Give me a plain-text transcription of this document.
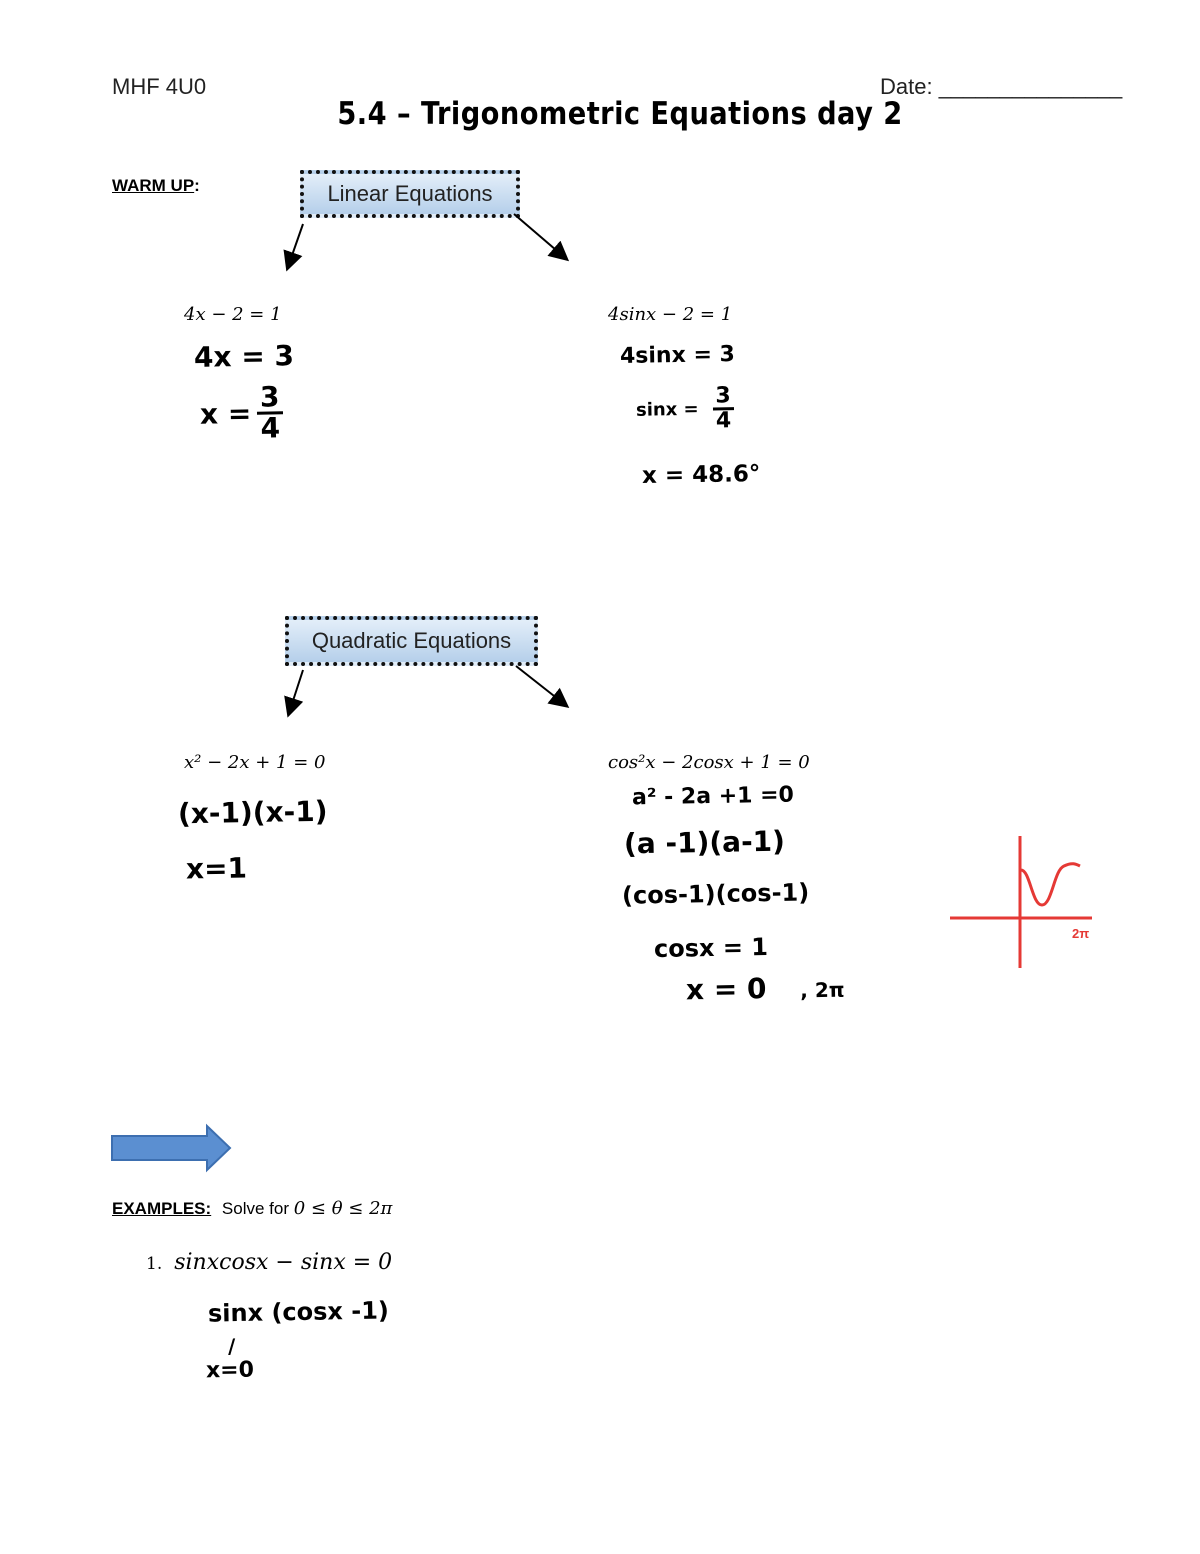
MHF 4U0	Date: _______________
5.4 – Trigonometric Equations day 2
WARM UP:	Linear Equations
Quadratic Equations
4x − 2 = 1
4x = 3
$x = \frac{3}{4}$
4sinx − 2 = 1
4sinx = 3
$\sin x = \frac{3}{4}$
x = 48.6°
x² − 2x + 1 = 0
(x-1)(x-1)
x=1
cos²x − 2cosx + 1 = 0
a² - 2a +1 =0
(a -1)(a-1)
(cos-1)(cos-1)
cosx = 1
x = 0 , 2π
2π
EXAMPLES: Solve for 0 ≤ θ ≤ 2π
1. sinxcosx − sinx = 0
sinx (cosx -1)
/
x=0
